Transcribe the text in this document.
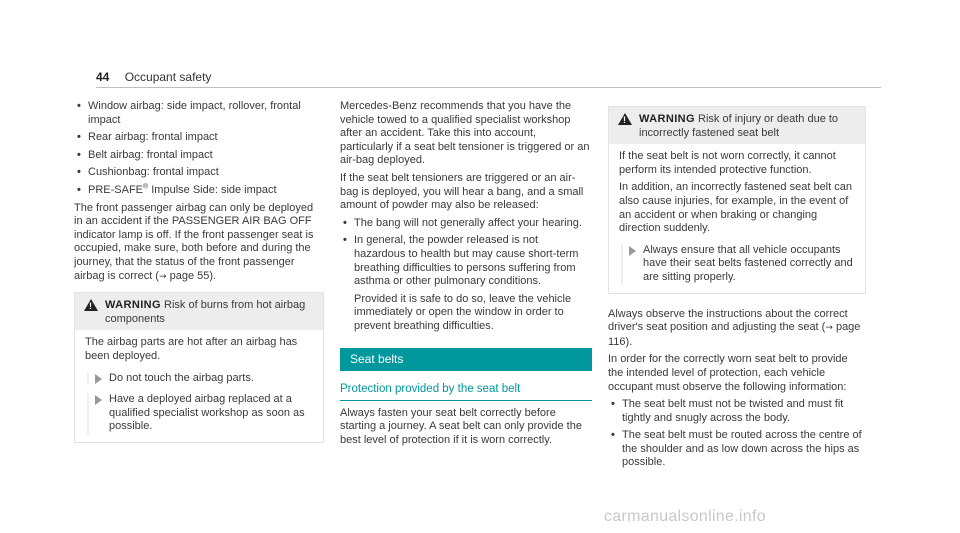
44 Occupant safety
• Window airbag: side impact, rollover, frontal impact
• Rear airbag: frontal impact
• Belt airbag: frontal impact
• Cushionbag: frontal impact
• PRE-SAFE® Impulse Side: side impact

The front passenger airbag can only be deployed in an accident if the PASSENGER AIR BAG OFF indicator lamp is off. If the front passenger seat is occupied, make sure, both before and during the journey, that the status of the front passenger airbag is correct (→ page 55).

! WARNING Risk of burns from hot airbag components

The airbag parts are hot after an airbag has been deployed.

Do not touch the airbag parts.
Have a deployed airbag replaced at a qualified specialist workshop as soon as possible.

Mercedes-Benz recommends that you have the vehicle towed to a qualified specialist workshop after an accident. Take this into account, particularly if a seat belt tensioner is triggered or an air-bag deployed.

If the seat belt tensioners are triggered or an air-bag is deployed, you will hear a bang, and a small amount of powder may also be released:

• The bang will not generally affect your hearing.
• In general, the powder released is not hazardous to health but may cause short-term breathing difficulties to persons suffering from asthma or other pulmonary conditions.
Provided it is safe to do so, leave the vehicle immediately or open the window in order to prevent breathing difficulties.
Seat belts
Protection provided by the seat belt

Always fasten your seat belt correctly before starting a journey. A seat belt can only provide the best level of protection if it is worn correctly.

! WARNING Risk of injury or death due to incorrectly fastened seat belt

If the seat belt is not worn correctly, it cannot perform its intended protective function.

In addition, an incorrectly fastened seat belt can also cause injuries, for example, in the event of an accident or when braking or changing direction suddenly.

Always ensure that all vehicle occupants have their seat belts fastened correctly and are sitting properly.

Always observe the instructions about the correct driver's seat position and adjusting the seat (→ page 116).

In order for the correctly worn seat belt to provide the intended level of protection, each vehicle occupant must observe the following information:

• The seat belt must not be twisted and must fit tightly and snugly across the body.
• The seat belt must be routed across the centre of the shoulder and as low down across the hips as possible.
carmanualsonline.info
